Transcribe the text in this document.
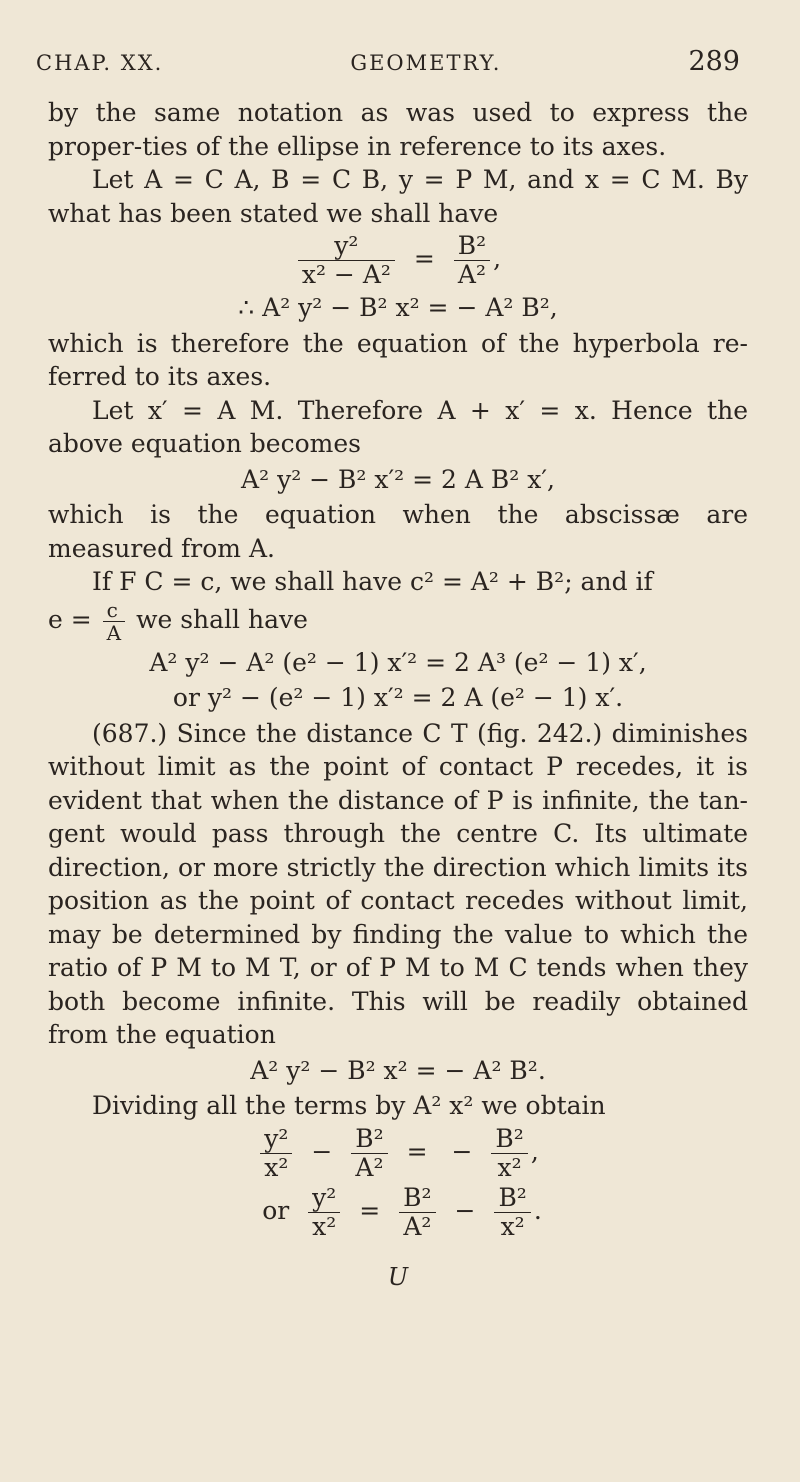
CHAP. XX.	GEOMETRY.	289

by the same notation as was used to express the proper-ties of the ellipse in reference to its axes.

Let A = C A, B = C B, y = P M, and x = C M. By what has been stated we shall have

$\frac{\text{y²}}{\text{x² − A²}} = \frac{\text{B²}}{\text{A²}}$ ,
∴ A² y² − B² x² = − A² B²,

which is therefore the equation of the hyperbola re-ferred to its axes.

Let x′ = A M. Therefore A + x′ = x. Hence the above equation becomes

A² y² − B² x′² = 2 A B² x′,

which is the equation when the abscissæ are measured from A.

If F C = c, we shall have c² = A² + B²; and if

$e = \frac{c}{A}$ we shall have
A² y² − A² (e² − 1) x′² = 2 A³ (e² − 1) x′,
or y² − (e² − 1) x′² = 2 A (e² − 1) x′.

(687.) Since the distance C T (fig. 242.) diminishes without limit as the point of contact P recedes, it is evident that when the distance of P is infinite, the tan-gent would pass through the centre C. Its ultimate direction, or more strictly the direction which limits its position as the point of contact recedes without limit, may be determined by finding the value to which the ratio of P M to M T, or of P M to M C tends when they both become infinite. This will be readily obtained from the equation

A² y² − B² x² = − A² B².

Dividing all the terms by A² x² we obtain

$\frac{\text{y²}}{\text{x²}} - \frac{\text{B²}}{\text{A²}}$ = − $\frac{\text{B²}}{\text{x²}}$ ,
or $\frac{\text{y²}}{\text{x²}} = \frac{\text{B²}}{\text{A²}} - \frac{\text{B²}}{\text{x²}}$ .
U
